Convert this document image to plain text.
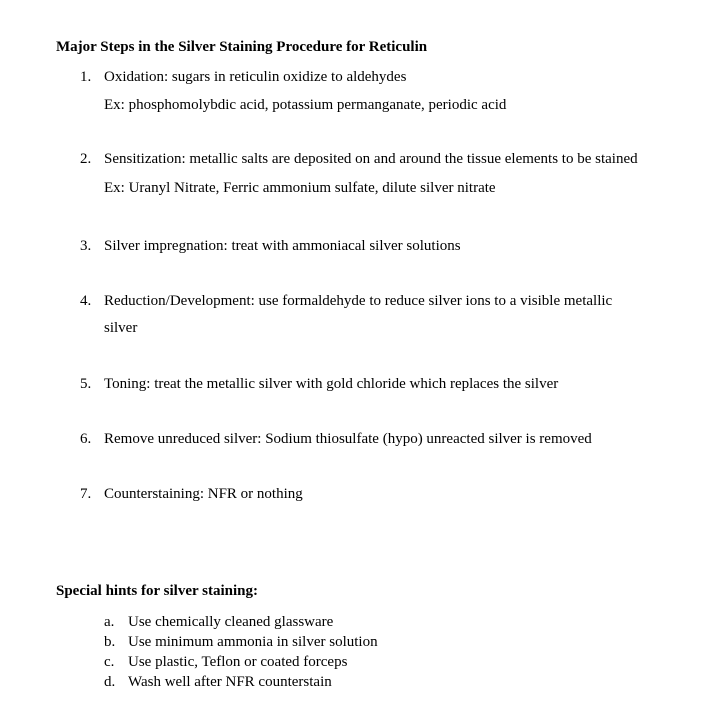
Major Steps in the Silver Staining Procedure for Reticulin
1. Oxidation: sugars in reticulin oxidize to aldehydes
Ex: phosphomolybdic acid, potassium permanganate, periodic acid
2. Sensitization: metallic salts are deposited on and around the tissue elements to be stained
Ex: Uranyl Nitrate, Ferric ammonium sulfate, dilute silver nitrate
3. Silver impregnation: treat with ammoniacal silver solutions
4. Reduction/Development: use formaldehyde to reduce silver ions to a visible metallic
silver
5. Toning: treat the metallic silver with gold chloride which replaces the silver
6. Remove unreduced silver: Sodium thiosulfate (hypo) unreacted silver is removed
7. Counterstaining: NFR or nothing
Special hints for silver staining:
a. Use chemically cleaned glassware
b. Use minimum ammonia in silver solution
c. Use plastic, Teflon or coated forceps
d. Wash well after NFR counterstain
